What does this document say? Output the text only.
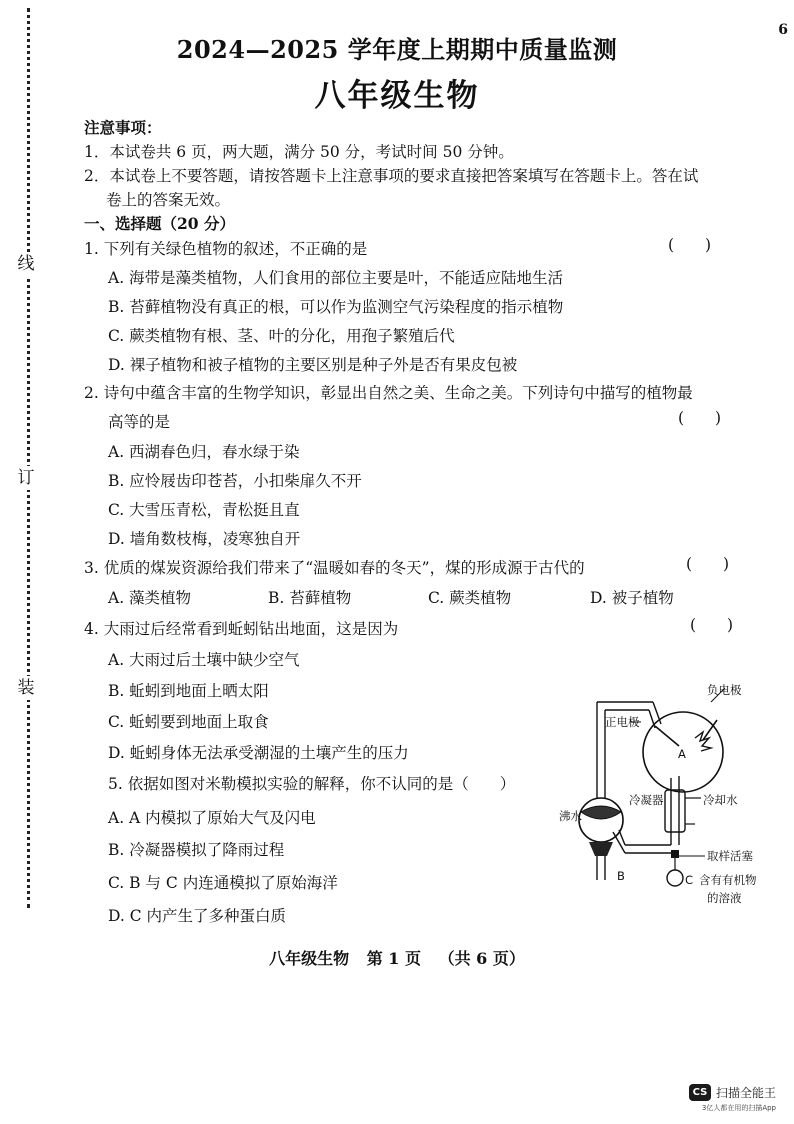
线
订
装
6
2024—2025 学年度上期期中质量监测
八年级生物
注意事项：
1．本试卷共 6 页，两大题，满分 50 分，考试时间 50 分钟。
2．本试卷上不要答题，请按答题卡上注意事项的要求直接把答案填写在答题卡上。答在试
卷上的答案无效。
一、选择题（20 分）
1. 下列有关绿色植物的叙述，不正确的是	(　　)
A. 海带是藻类植物，人们食用的部位主要是叶，不能适应陆地生活
B. 苔藓植物没有真正的根，可以作为监测空气污染程度的指示植物
C. 蕨类植物有根、茎、叶的分化，用孢子繁殖后代
D. 裸子植物和被子植物的主要区别是种子外是否有果皮包被
2. 诗句中蕴含丰富的生物学知识，彰显出自然之美、生命之美。下列诗句中描写的植物最
高等的是	(　　)
A. 西湖春色归，春水绿于染
B. 应怜屐齿印苍苔，小扣柴扉久不开
C. 大雪压青松，青松挺且直
D. 墙角数枝梅，凌寒独自开
3. 优质的煤炭资源给我们带来了“温暖如春的冬天”，煤的形成源于古代的	(　　)
A. 藻类植物	B. 苔藓植物	C. 蕨类植物	D. 被子植物
4. 大雨过后经常看到蚯蚓钻出地面，这是因为	(　　)
A. 大雨过后土壤中缺少空气
B. 蚯蚓到地面上晒太阳
C. 蚯蚓要到地面上取食
D. 蚯蚓身体无法承受潮湿的土壤产生的压力
5. 依据如图对米勒模拟实验的解释，你不认同的是（　　）
A. A 内模拟了原始大气及闪电
B. 冷凝器模拟了降雨过程
C. B 与 C 内连通模拟了原始海洋
D. C 内产生了多种蛋白质
负电极
正电极
A
冷凝器	冷却水
沸水
取样活塞
B	C 含有有机物
的溶液
八年级生物 第 1 页 （共 6 页）
CS 扫描全能王
3亿人都在用的扫描App
